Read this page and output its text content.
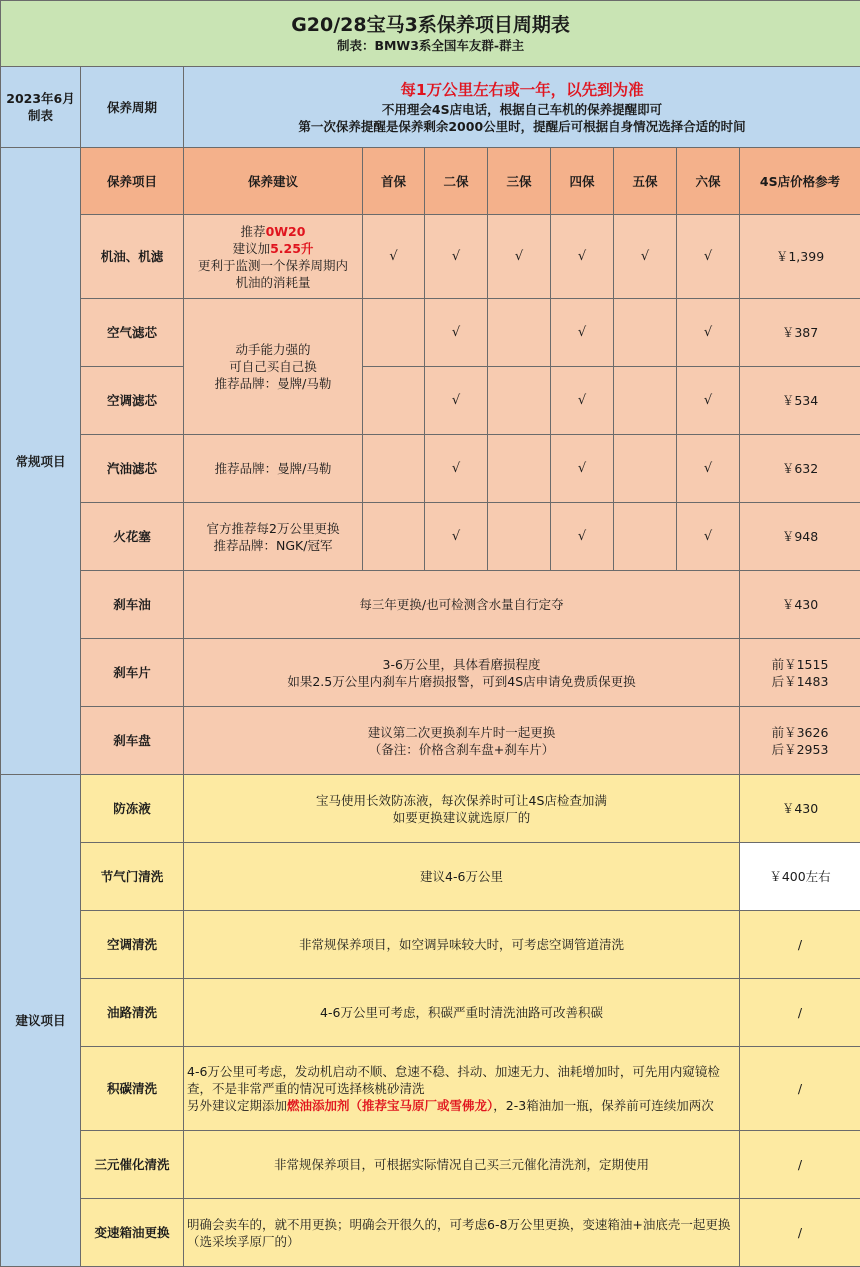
G20/28宝马3系保养项目周期表
制表：BMW3系全国车友群-群主									

2023年6月
制表	保养周期	每1万公里左右或一年，以先到为准
不用理会4S店电话，根据自己车机的保养提醒即可
第一次保养提醒是保养剩余2000公里时，提醒后可根据自身情况选择合适的时间							

常规项目	保养项目	保养建议	首保	二保	三保	四保	五保	六保	4S店价格参考
	机油、机滤	推荐0W20
建议加5.25升
更利于监测一个保养周期内
机油的消耗量	√	√	√	√	√	√	￥1,399
	空气滤芯	动手能力强的
可自己买自己换
推荐品牌：曼牌/马勒		√		√		√	￥387
	空调滤芯			√		√		√	￥534
	汽油滤芯	推荐品牌：曼牌/马勒		√		√		√	￥632
	火花塞	官方推荐每2万公里更换
推荐品牌：NGK/冠军		√		√		√	￥948
	刹车油	每三年更换/也可检测含水量自行定夺							￥430
	刹车片	3-6万公里，具体看磨损程度
如果2.5万公里内刹车片磨损报警，可到4S店申请免费质保更换							前￥1515
后￥1483

	刹车盘	建议第二次更换刹车片时一起更换
（备注：价格含刹车盘+刹车片）							前￥3626
后￥2953

建议项目	防冻液	宝马使用长效防冻液，每次保养时可让4S店检查加满
如要更换建议就选原厂的							￥430
	节气门清洗	建议4-6万公里							￥400左右
	空调清洗	非常规保养项目，如空调异味较大时，可考虑空调管道清洗							/
	油路清洗	4-6万公里可考虑，积碳严重时清洗油路可改善积碳							/
	积碳清洗	4-6万公里可考虑，发动机启动不顺、怠速不稳、抖动、加速无力、油耗增加时，可先用内窥镜检查，不是非常严重的情况可选择核桃砂清洗
另外建议定期添加燃油添加剂（推荐宝马原厂或雪佛龙），2-3箱油加一瓶，保养前可连续加两次							/
	三元催化清洗	非常规保养项目，可根据实际情况自己买三元催化清洗剂，定期使用							/
	变速箱油更换	明确会卖车的，就不用更换；明确会开很久的，可考虑6-8万公里更换，变速箱油+油底壳一起更换（选采埃孚原厂的）							/
